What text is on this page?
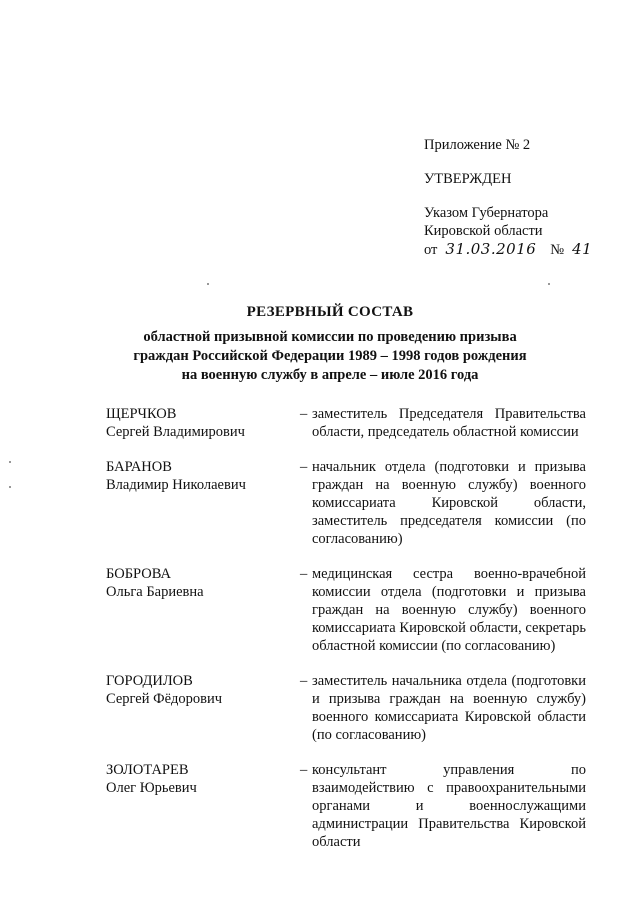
Приложение № 2
УТВЕРЖДЕН
Указом Губернатора
Кировской области
от 31.03.2016 № 41
РЕЗЕРВНЫЙ СОСТАВ
областной призывной комиссии по проведению призыва
граждан Российской Федерации 1989 – 1998 годов рождения
на военную службу в апреле – июле 2016 года
ЩЕРЧКОВ
Сергей Владимирович
– заместитель Председателя Правительства области, председатель областной комиссии
БАРАНОВ
Владимир Николаевич
– начальник отдела (подготовки и призыва граждан на военную службу) военного комиссариата Кировской области, заместитель председателя комиссии (по согласованию)
БОБРОВА
Ольга Бариевна
– медицинская сестра военно-врачебной комиссии отдела (подготовки и призыва граждан на военную службу) военного комиссариата Кировской области, секретарь областной комиссии (по согласованию)
ГОРОДИЛОВ
Сергей Фёдорович
– заместитель начальника отдела (подготовки и призыва граждан на военную службу) военного комиссариата Кировской области (по согласованию)
ЗОЛОТАРЕВ
Олег Юрьевич
– консультант управления по взаимодействию с правоохранительными органами и военнослужащими администрации Правительства Кировской области
